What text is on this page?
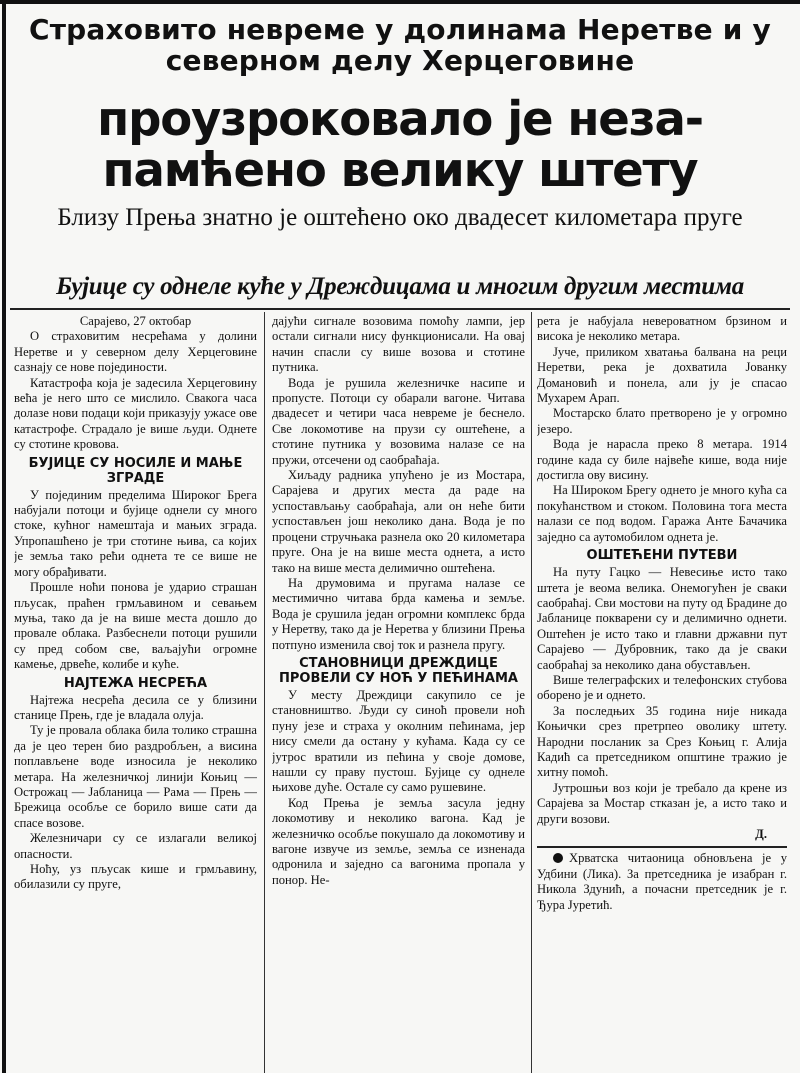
Страховито невреме у долинама Неретве и у северном делу Херцеговине
проузроковало је неза- памћено велику штету
Близу Прења знатно је оштећено око двадесет километара пруге
Бујице су однеле куће у Дреждицама и многим другим местима

Сарајево, 27 октобар

О страховитим несрећама у долини Неретве и у северном делу Херцеговине сазнају се нове појединости.

Катастрофа која је задесила Херцеговину већа је него што се мислило. Свакога часа долазе нови подаци који приказују ужасе ове катастрофе. Страдало је више људи. Однете су стотине кровова.

БУЈИЦЕ СУ НОСИЛЕ И МАЊЕ ЗГРАДЕ

У појединим пределима Широког Брега набујали потоци и бујице однели су много стоке, кућног намештаја и мањих зграда. Упропашћено је три стотине њива, са којих је земља тако рећи однета те се више не могу обрађивати.

Прошле ноћи понова је ударио страшан пљусак, праћен грмљавином и севањем муња, тако да је на више места дошло до провале облака. Разбеснели потоци рушили су пред собом све, ваљајући огромне камење, дрвеће, колибе и куће.

НАЈТЕЖА НЕСРЕЋА

Најтежа несрећа десила се у близини станице Прењ, где је владала олуја.

Ту је провала облака била толико страшна да је цео терен био раздробљен, а висина поплављене воде износила је неколико метара. На железничкој линији Коњиц — Острожац — Јабланица — Рама — Прењ — Брежица особље се борило више сати да спасе возове.

Железничари су се излагали великој опасности.

Ноћу, уз пљусак кише и грмљавину, обилазили су пруге,

дајући сигнале возовима помоћу лампи, јер остали сигнали нису функционисали. На овај начин спасли су више возова и стотине путника.

Вода је рушила железничке насипе и пропусте. Потоци су обарали вагоне. Читава двадесет и четири часа невреме је беснело. Све локомотиве на прузи су оштећене, а стотине путника у возовима налазе се на пружи, отсечени од саобраћаја.

Хиљаду радника упућено је из Мостара, Сарајева и других места да раде на успостављању саобраћаја, али он неће бити успостављен још неколико дана. Вода је по процени стручњака разнела око 20 километара пруге. Она је на више места однета, а исто тако на више места делимично оштећена.

На друмовима и пругама налазе се местимично читава брда камења и земље. Вода је срушила један огромни комплекс брда у Неретву, тако да је Неретва у близини Прења потпуно изменила свој ток и разнела пругу.

СТАНОВНИЦИ ДРЕЖДИЦЕ ПРОВЕЛИ СУ НОЋ У ПЕЋИНАМА

У месту Дреждици сакупило се је становништво. Људи су синоћ провели ноћ пуну језе и страха у околним пећинама, јер нису смели да остану у кућама. Када су се јутрос вратили из пећина у своје домове, нашли су праву пустош. Бујице су однеле њихове дуће. Остале су само рушевине.

Код Прења је земља засула једну локомотиву и неколико вагона. Кад је железничко особље покушало да локомотиву и вагоне извуче из земље, земља се изненада одронила и заједно са вагонима пропала у понор. Не-

рeта је набујала невероватном брзином и висока је неколико метара.

Јуче, приликом хватања балвана на реци Неретви, река је дохватила Јованку Домановић и понела, али ју је спасао Мухарем Арап.

Мостарско блато претворено је у огромно језеро.

Вода је нарасла преко 8 метара. 1914 године када су биле највеће кише, вода није достигла ову висину.

На Широком Брегу однето је много кућа са покућанством и стоком. Половина тога места налази се под водом. Гаража Анте Бачачика заједно са аутомобилом однета је.

ОШТЕЋЕНИ ПУТЕВИ

На путу Гацко — Невесиње исто тако штета је веома велика. Онемогућен је сваки саобраћај. Сви мостови на путу од Брадине до Јабланице покварени су и делимично однети. Оштећен је исто тако и главни државни пут Сарајево — Дубровник, тако да је сваки саобраћај за неколико дана обустављен.

Више телеграфских и телефонских стубова оборено је и однето.

За последњих 35 година није никада Коњички срез претрпео овoлику штету. Народни посланик за Срез Коњиц г. Алија Кадић са претседником општине тражио је хитну помоћ.

Јутрошњи воз који је требало да крене из Сарајева за Мостар стказан је, а исто тако и други возови.

Д.

Хрватска читаоница обновљена је у Удбини (Лика). За претседника је изабран г. Никола Здунић, а почасни претседник је г. Ђура Јуретић.
